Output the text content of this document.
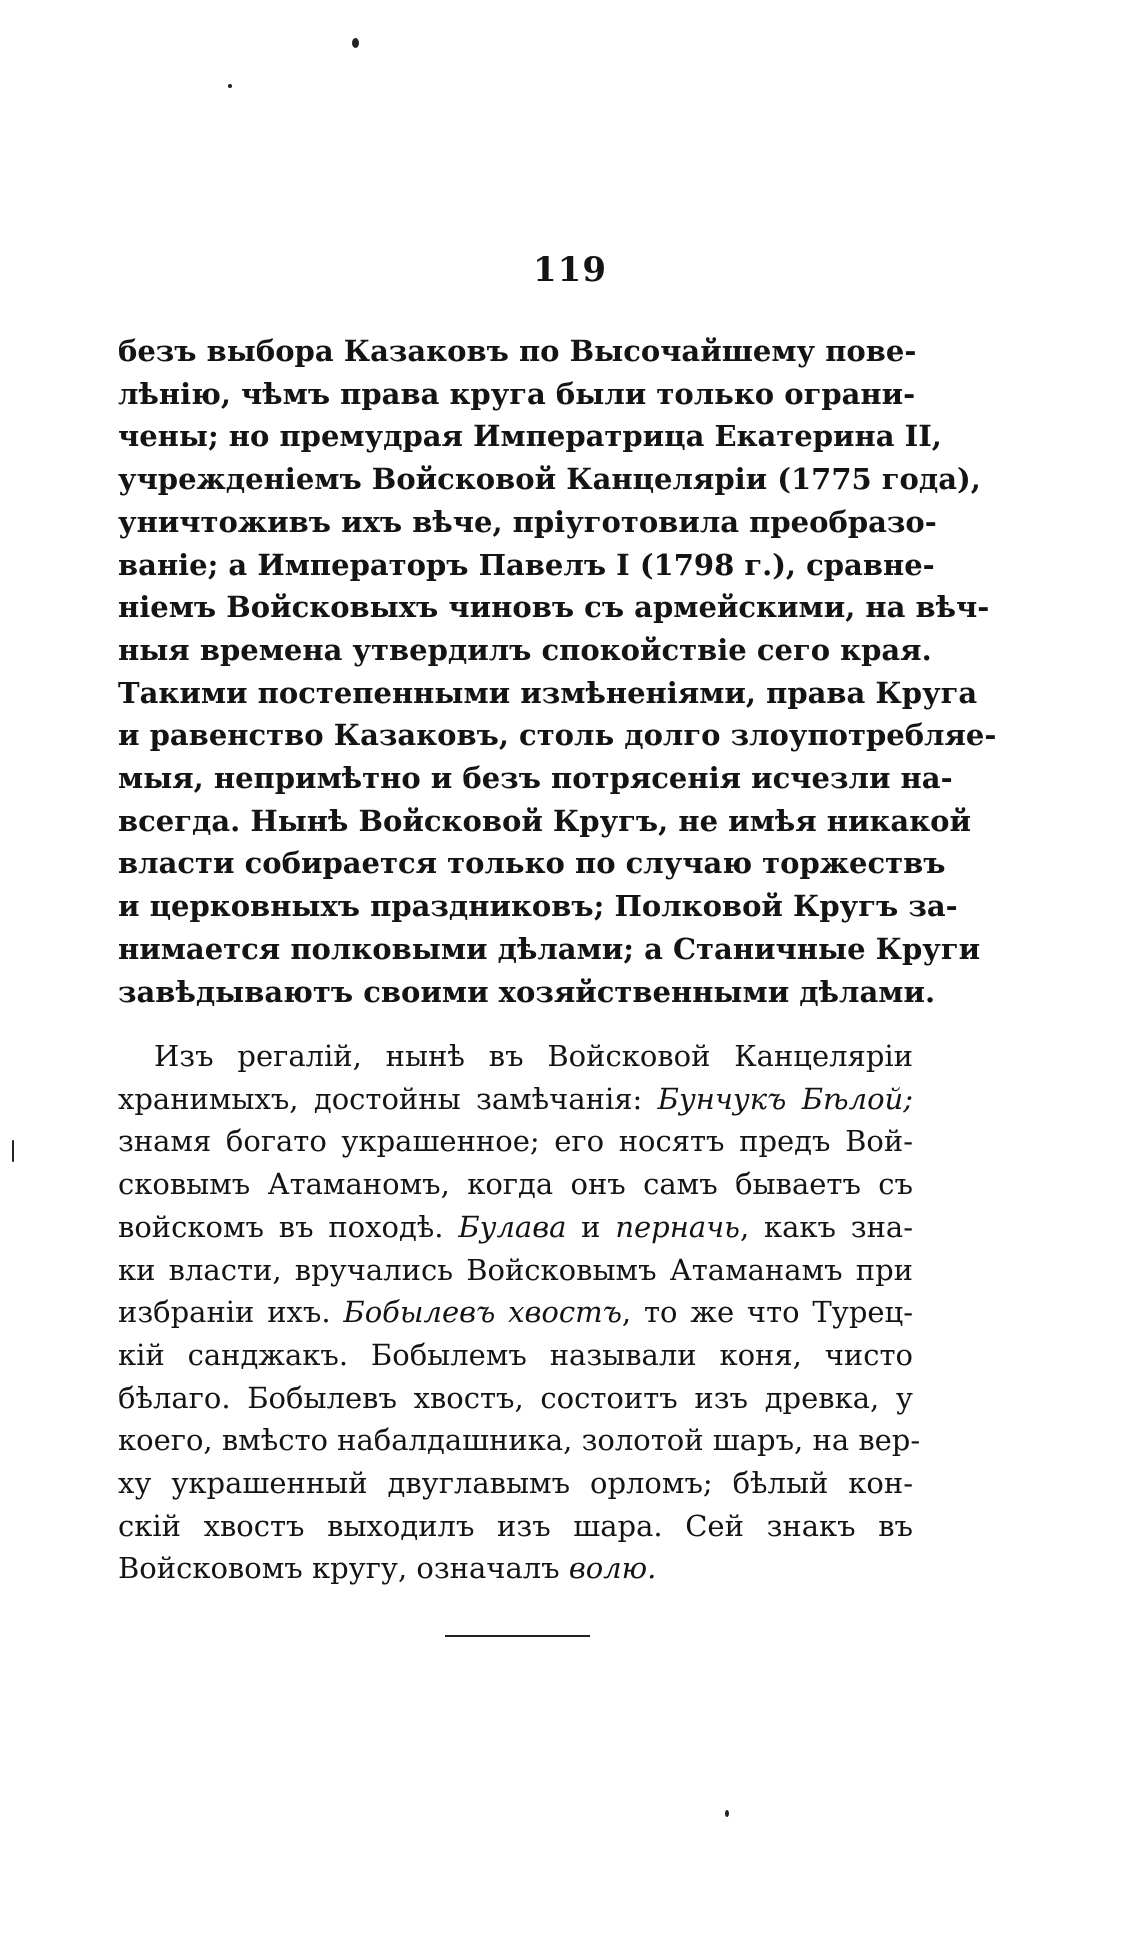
119
безъ выбора Казаковъ по Высочайшему пове-
лѣнію, чѣмъ права круга были только ограни-
чены; но премудрая Императрица Екатерина II,
учрежденіемъ Войсковой Канцеляріи (1775 года),
уничтоживъ ихъ вѣче, пріуготовила преобразо-
ваніе; а Императоръ Павелъ I (1798 г.), сравне-
ніемъ Войсковыхъ чиновъ съ армейскими, на вѣч-
ныя времена утвердилъ спокойствіе сего края.
Такими постепенными измѣненіями, права Круга
и равенство Казаковъ, столь долго злоупотребляе-
мыя, непримѣтно и безъ потрясенія исчезли на-
всегда. Нынѣ Войсковой Кругъ, не имѣя никакой
власти собирается только по случаю торжествъ
и церковныхъ праздниковъ; Полковой Кругъ за-
нимается полковыми дѣлами; а Станичные Круги
завѣдываютъ своими хозяйственными дѣлами.
Изъ регалій, нынѣ въ Войсковой Канцеляріи
хранимыхъ, достойны замѣчанія: Бунчукъ Бѣлой;
знамя богато украшенное; его носятъ предъ Вой-
сковымъ Атаманомъ, когда онъ самъ бываетъ съ
войскомъ въ походѣ. Булава и перначь, какъ зна-
ки власти, вручались Войсковымъ Атаманамъ при
избраніи ихъ. Бобылевъ хвостъ, то же что Турец-
кій санджакъ. Бобылемъ называли коня, чисто
бѣлаго. Бобылевъ хвостъ, состоитъ изъ древка, у
коего, вмѣсто набалдашника, золотой шаръ, на вер-
ху украшенный двуглавымъ орломъ; бѣлый кон-
скій хвостъ выходилъ изъ шара. Сей знакъ въ
Войсковомъ кругу, означалъ волю.
